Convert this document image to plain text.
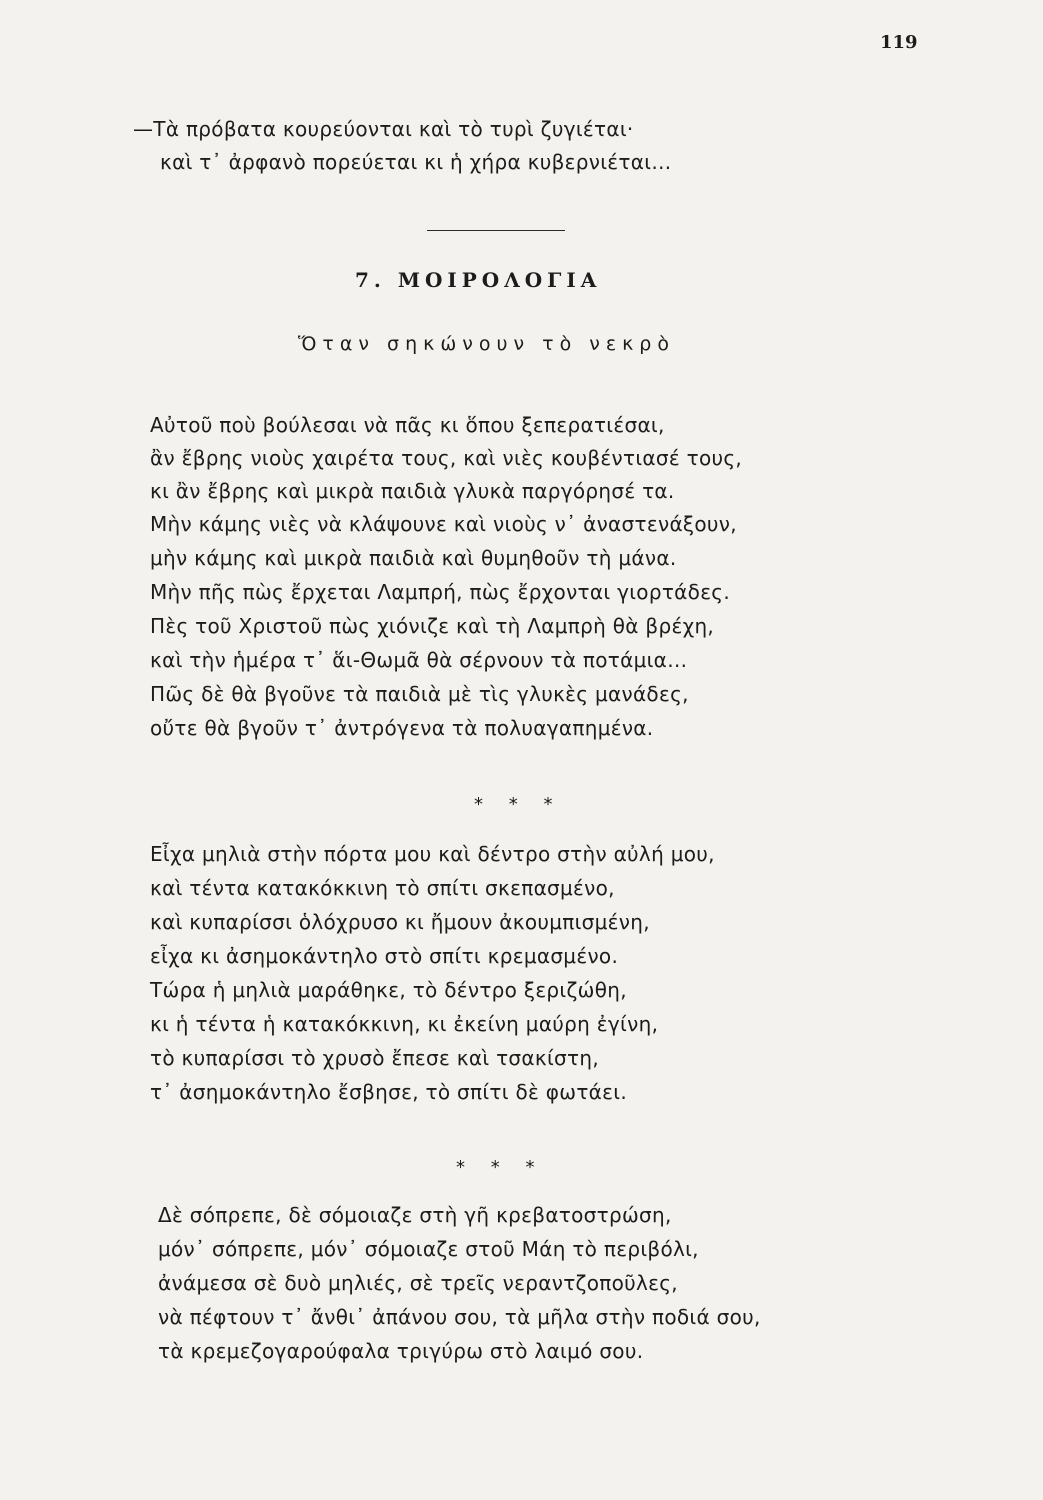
119
—Τὰ πρόβατα κουρεύονται καὶ τὸ τυρὶ ζυγιέται·
καὶ τ᾿ ἀρφανὸ πορεύεται κι ἡ χήρα κυβερνιέται…
7. ΜΟΙΡΟΛΟΓΙΑ
Ὅταν σηκώνουν τὸ νεκρὸ
Αὐτοῦ ποὺ βούλεσαι νὰ πᾶς κι ὅπου ξεπερατιέσαι,
ἂν ἔβρης νιοὺς χαιρέτα τους, καὶ νιὲς κουβέντιασέ τους,
κι ἂν ἔβρης καὶ μικρὰ παιδιὰ γλυκὰ παργόρησέ τα.
Μὴν κάμης νιὲς νὰ κλάψουνε καὶ νιοὺς ν᾿ ἀναστενάξουν,
μὴν κάμης καὶ μικρὰ παιδιὰ καὶ θυμηθοῦν τὴ μάνα.
Μὴν πῆς πὼς ἔρχεται Λαμπρή, πὼς ἔρχονται γιορτάδες.
Πὲς τοῦ Χριστοῦ πὼς χιόνιζε καὶ τὴ Λαμπρὴ θὰ βρέχη,
καὶ τὴν ἡμέρα τ᾿ ἅι-Θωμᾶ θὰ σέρνουν τὰ ποτάμια…
Πῶς δὲ θὰ βγοῦνε τὰ παιδιὰ μὲ τὶς γλυκὲς μανάδες,
οὔτε θὰ βγοῦν τ᾿ ἀντρόγενα τὰ πολυαγαπημένα.
* * *
Εἶχα μηλιὰ στὴν πόρτα μου καὶ δέντρο στὴν αὐλή μου,
καὶ τέντα κατακόκκινη τὸ σπίτι σκεπασμένο,
καὶ κυπαρίσσι ὁλόχρυσο κι ἤμουν ἀκουμπισμένη,
εἶχα κι ἀσημοκάντηλο στὸ σπίτι κρεμασμένο.
Τώρα ἡ μηλιὰ μαράθηκε, τὸ δέντρο ξεριζώθη,
κι ἡ τέντα ἡ κατακόκκινη, κι ἐκείνη μαύρη ἐγίνη,
τὸ κυπαρίσσι τὸ χρυσὸ ἔπεσε καὶ τσακίστη,
τ᾿ ἀσημοκάντηλο ἔσβησε, τὸ σπίτι δὲ φωτάει.
* * *
Δὲ σόπρεπε, δὲ σόμοιαζε στὴ γῆ κρεβατοστρώση,
μόν᾿ σόπρεπε, μόν᾿ σόμοιαζε στοῦ Μάη τὸ περιβόλι,
ἀνάμεσα σὲ δυὸ μηλιές, σὲ τρεῖς νεραντζοποῦλες,
νὰ πέφτουν τ᾿ ἄνθι᾿ ἀπάνου σου, τὰ μῆλα στὴν ποδιά σου,
τὰ κρεμεζογαρούφαλα τριγύρω στὸ λαιμό σου.
